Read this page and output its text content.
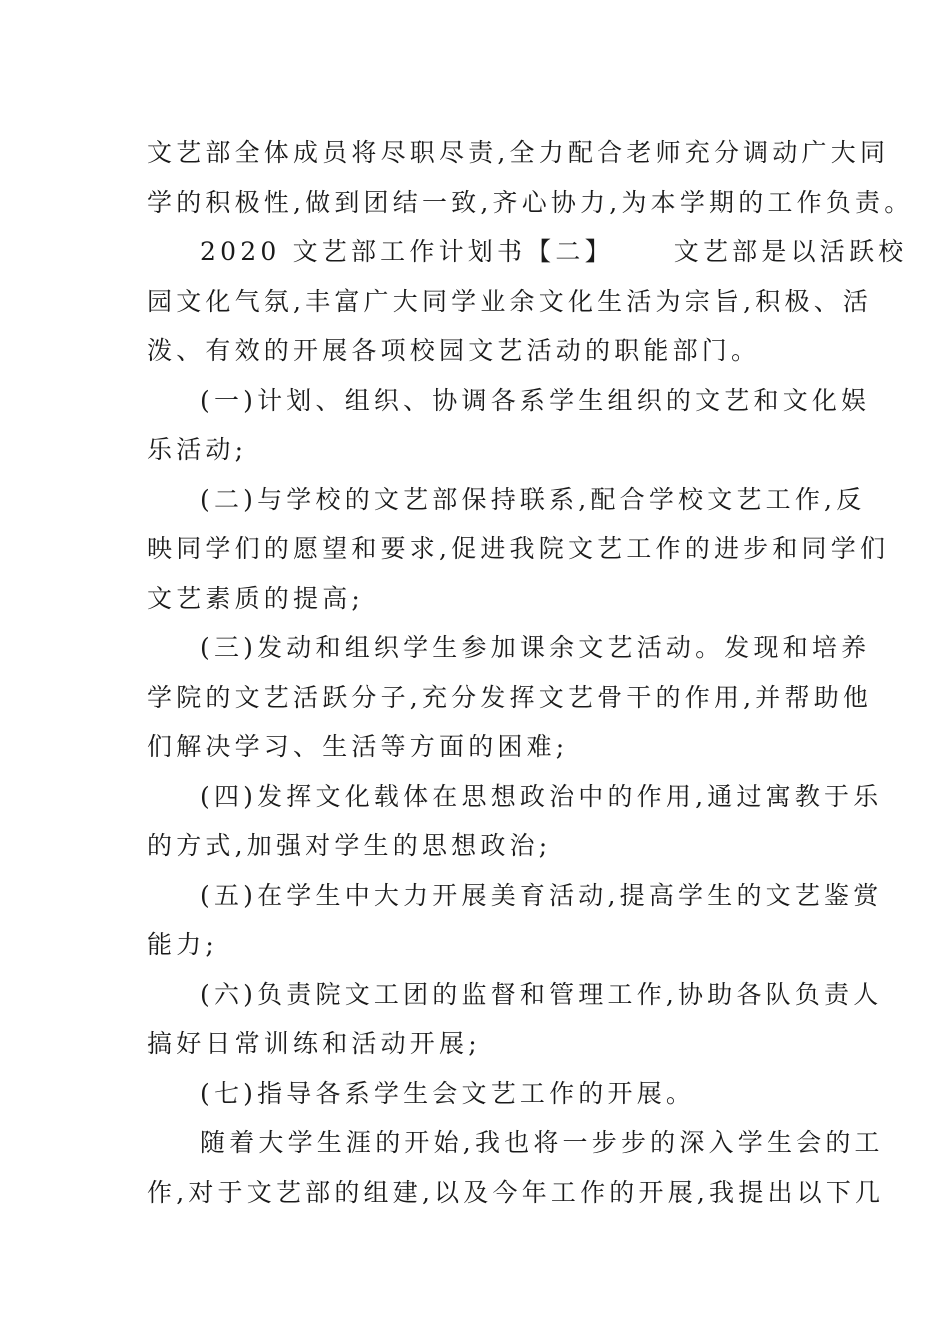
文艺部全体成员将尽职尽责,全力配合老师充分调动广大同
学的积极性,做到团结一致,齐心协力,为本学期的工作负责。
2020 文艺部工作计划书【二】 文艺部是以活跃校
园文化气氛,丰富广大同学业余文化生活为宗旨,积极、活
泼、有效的开展各项校园文艺活动的职能部门。
(一)计划、组织、协调各系学生组织的文艺和文化娱
乐活动;
(二)与学校的文艺部保持联系,配合学校文艺工作,反
映同学们的愿望和要求,促进我院文艺工作的进步和同学们
文艺素质的提高;
(三)发动和组织学生参加课余文艺活动。发现和培养
学院的文艺活跃分子,充分发挥文艺骨干的作用,并帮助他
们解决学习、生活等方面的困难;
(四)发挥文化载体在思想政治中的作用,通过寓教于乐
的方式,加强对学生的思想政治;
(五)在学生中大力开展美育活动,提高学生的文艺鉴赏
能力;
(六)负责院文工团的监督和管理工作,协助各队负责人
搞好日常训练和活动开展;
(七)指导各系学生会文艺工作的开展。
随着大学生涯的开始,我也将一步步的深入学生会的工
作,对于文艺部的组建,以及今年工作的开展,我提出以下几
